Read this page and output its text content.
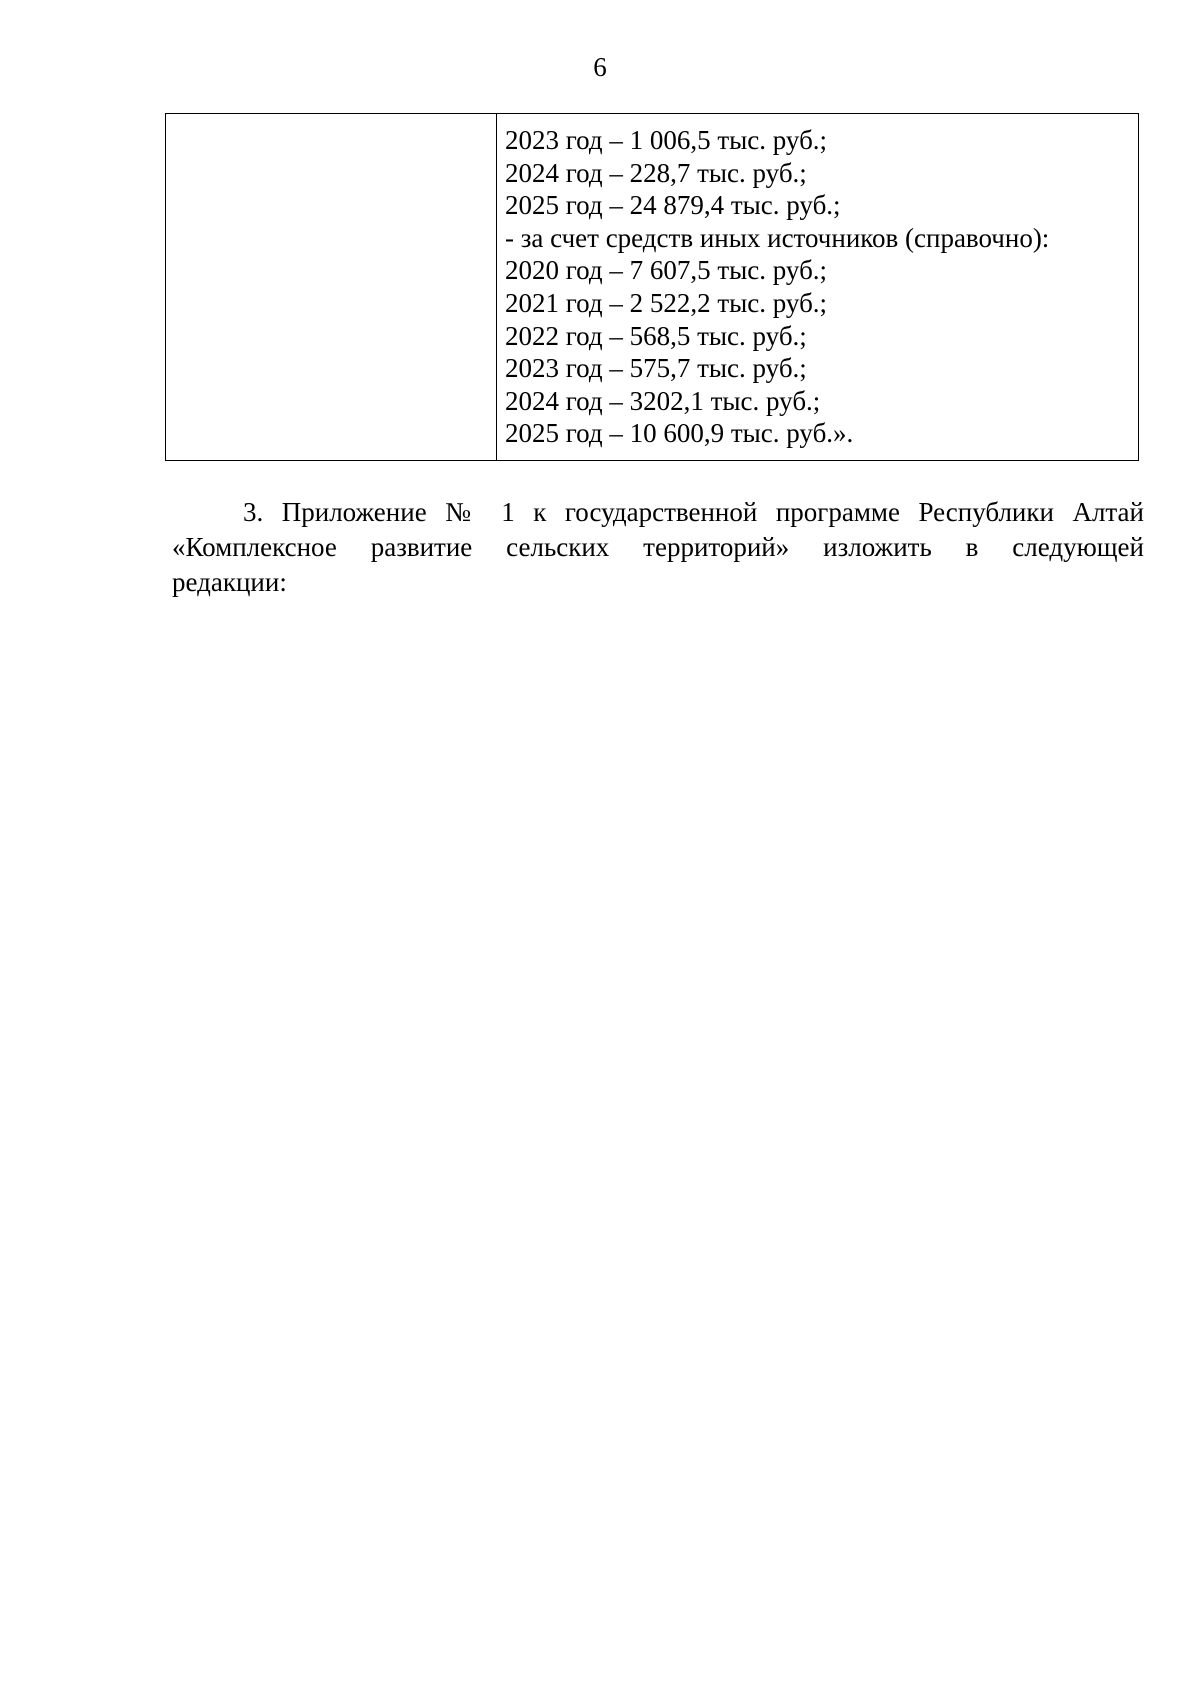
6
2023 год – 1 006,5 тыс. руб.;
2024 год – 228,7 тыс. руб.;
2025 год – 24 879,4 тыс. руб.;
- за счет средств иных источников (справочно):
2020 год – 7 607,5 тыс. руб.;
2021 год – 2 522,2 тыс. руб.;
2022 год – 568,5 тыс. руб.;
2023 год – 575,7 тыс. руб.;
2024 год – 3202,1 тыс. руб.;
2025 год – 10 600,9 тыс. руб.».
3. Приложение № 1 к государственной программе Республики Алтай
«Комплексное развитие сельских территорий» изложить в следующей
редакции:
